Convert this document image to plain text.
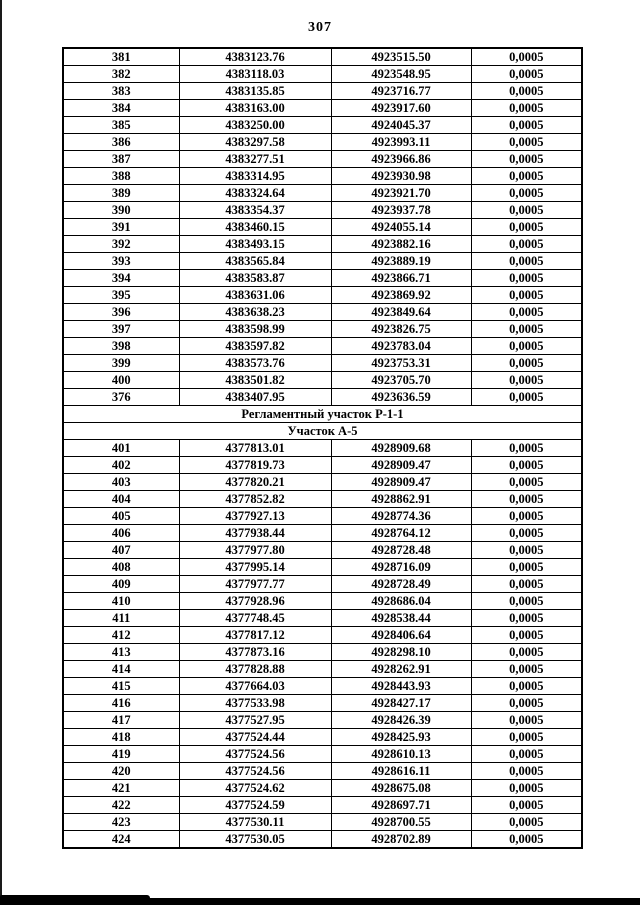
307
381	4383123.76	4923515.50	0,0005
382	4383118.03	4923548.95	0,0005
383	4383135.85	4923716.77	0,0005
384	4383163.00	4923917.60	0,0005
385	4383250.00	4924045.37	0,0005
386	4383297.58	4923993.11	0,0005
387	4383277.51	4923966.86	0,0005
388	4383314.95	4923930.98	0,0005
389	4383324.64	4923921.70	0,0005
390	4383354.37	4923937.78	0,0005
391	4383460.15	4924055.14	0,0005
392	4383493.15	4923882.16	0,0005
393	4383565.84	4923889.19	0,0005
394	4383583.87	4923866.71	0,0005
395	4383631.06	4923869.92	0,0005
396	4383638.23	4923849.64	0,0005
397	4383598.99	4923826.75	0,0005
398	4383597.82	4923783.04	0,0005
399	4383573.76	4923753.31	0,0005
400	4383501.82	4923705.70	0,0005
376	4383407.95	4923636.59	0,0005
Регламентный участок Р-1-1			
Участок А-5			
401	4377813.01	4928909.68	0,0005
402	4377819.73	4928909.47	0,0005
403	4377820.21	4928909.47	0,0005
404	4377852.82	4928862.91	0,0005
405	4377927.13	4928774.36	0,0005
406	4377938.44	4928764.12	0,0005
407	4377977.80	4928728.48	0,0005
408	4377995.14	4928716.09	0,0005
409	4377977.77	4928728.49	0,0005
410	4377928.96	4928686.04	0,0005
411	4377748.45	4928538.44	0,0005
412	4377817.12	4928406.64	0,0005
413	4377873.16	4928298.10	0,0005
414	4377828.88	4928262.91	0,0005
415	4377664.03	4928443.93	0,0005
416	4377533.98	4928427.17	0,0005
417	4377527.95	4928426.39	0,0005
418	4377524.44	4928425.93	0,0005
419	4377524.56	4928610.13	0,0005
420	4377524.56	4928616.11	0,0005
421	4377524.62	4928675.08	0,0005
422	4377524.59	4928697.71	0,0005
423	4377530.11	4928700.55	0,0005
424	4377530.05	4928702.89	0,0005
